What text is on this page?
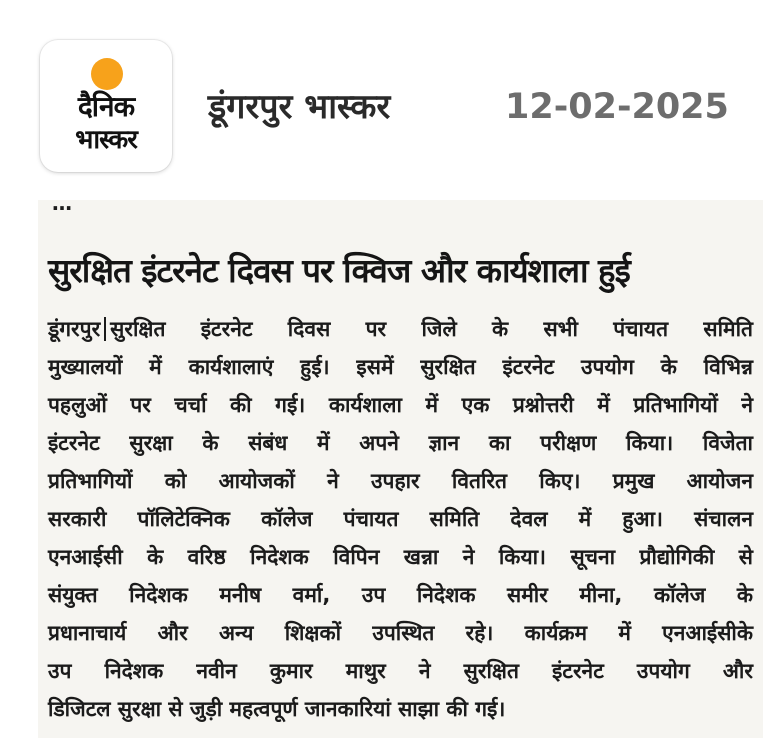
दैनिक
भास्कर
डूंगरपुर भास्कर	12-02-2025
…
सुरक्षित इंटरनेट दिवस पर क्विज और कार्यशाला हुई
डूंगरपुर सुरक्षित इंटरनेट दिवस पर जिले के सभी पंचायत समिति
मुख्यालयों में कार्यशालाएं हुई। इसमें सुरक्षित इंटरनेट उपयोग के विभिन्न
पहलुओं पर चर्चा की गई। कार्यशाला में एक प्रश्नोत्तरी में प्रतिभागियों ने
इंटरनेट सुरक्षा के संबंध में अपने ज्ञान का परीक्षण किया। विजेता
प्रतिभागियों को आयोजकों ने उपहार वितरित किए। प्रमुख आयोजन
सरकारी पॉलिटेक्निक कॉलेज पंचायत समिति देवल में हुआ। संचालन
एनआईसी के वरिष्ठ निदेशक विपिन खन्ना ने किया। सूचना प्रौद्योगिकी से
संयुक्त निदेशक मनीष वर्मा, उप निदेशक समीर मीना, कॉलेज के
प्रधानाचार्य और अन्य शिक्षकों उपस्थित रहे। कार्यक्रम में एनआईसीके
उप निदेशक नवीन कुमार माथुर ने सुरक्षित इंटरनेट उपयोग और
डिजिटल सुरक्षा से जुड़ी महत्वपूर्ण जानकारियां साझा की गई।
